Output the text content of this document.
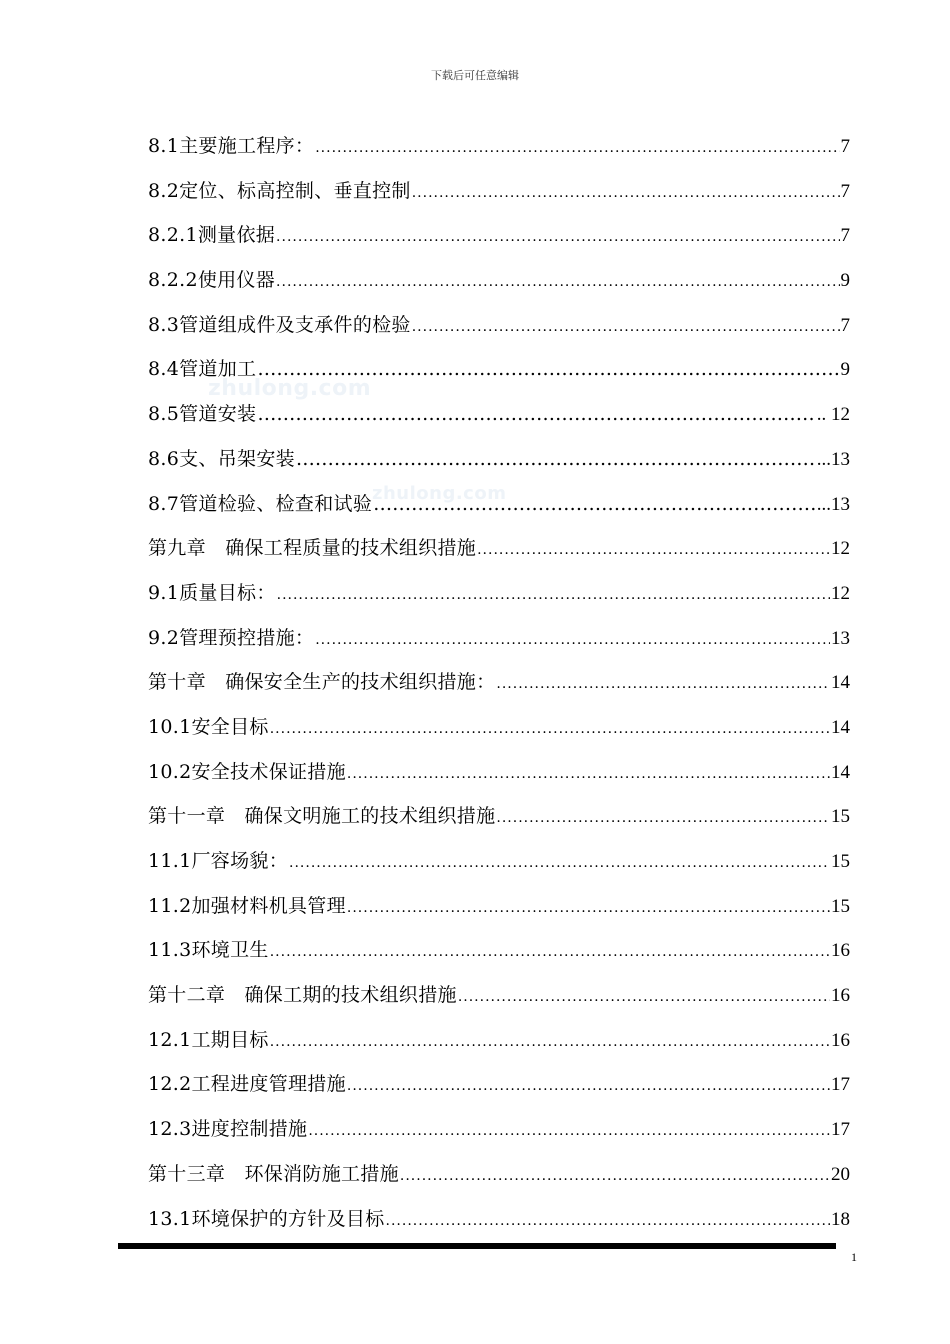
下载后可任意编辑
zhulong.com
zhulong.com
8.1主要施工程序： .....	7
8.2定位、标高控制、垂直控制 .....	7
8.2.1测量依据 .....	7
8.2.2使用仪器 .....	9
8.3管道组成件及支承件的检验 .....	7
8.4管道加工 …………………………………………………………………………………………………………………………………………	9
8.5管道安装 …………………………………………………………………………………………………………………………………………	.. 12
8.6支、吊架安装 …………………………………………………………………………………………………………………………………………	...13
8.7管道检验、检查和试验 …………………………………………………………………………………………………………………………………………	...13
第九章　确保工程质量的技术组织措施 .....	12
9.1质量目标： .....	12
9.2管理预控措施： .....	13
第十章　确保安全生产的技术组织措施： .....	14
10.1安全目标 .....	14
10.2安全技术保证措施 .....	14
第十一章　确保文明施工的技术组织措施 .....	15
11.1厂容场貌： .....	15
11.2加强材料机具管理 .....	15
11.3环境卫生 .....	16
第十二章　确保工期的技术组织措施 .....	16
12.1工期目标 .....	16
12.2工程进度管理措施 .....	17
12.3进度控制措施 .....	17
第十三章　环保消防施工措施 .....	20
13.1环境保护的方针及目标 .....	18
1
